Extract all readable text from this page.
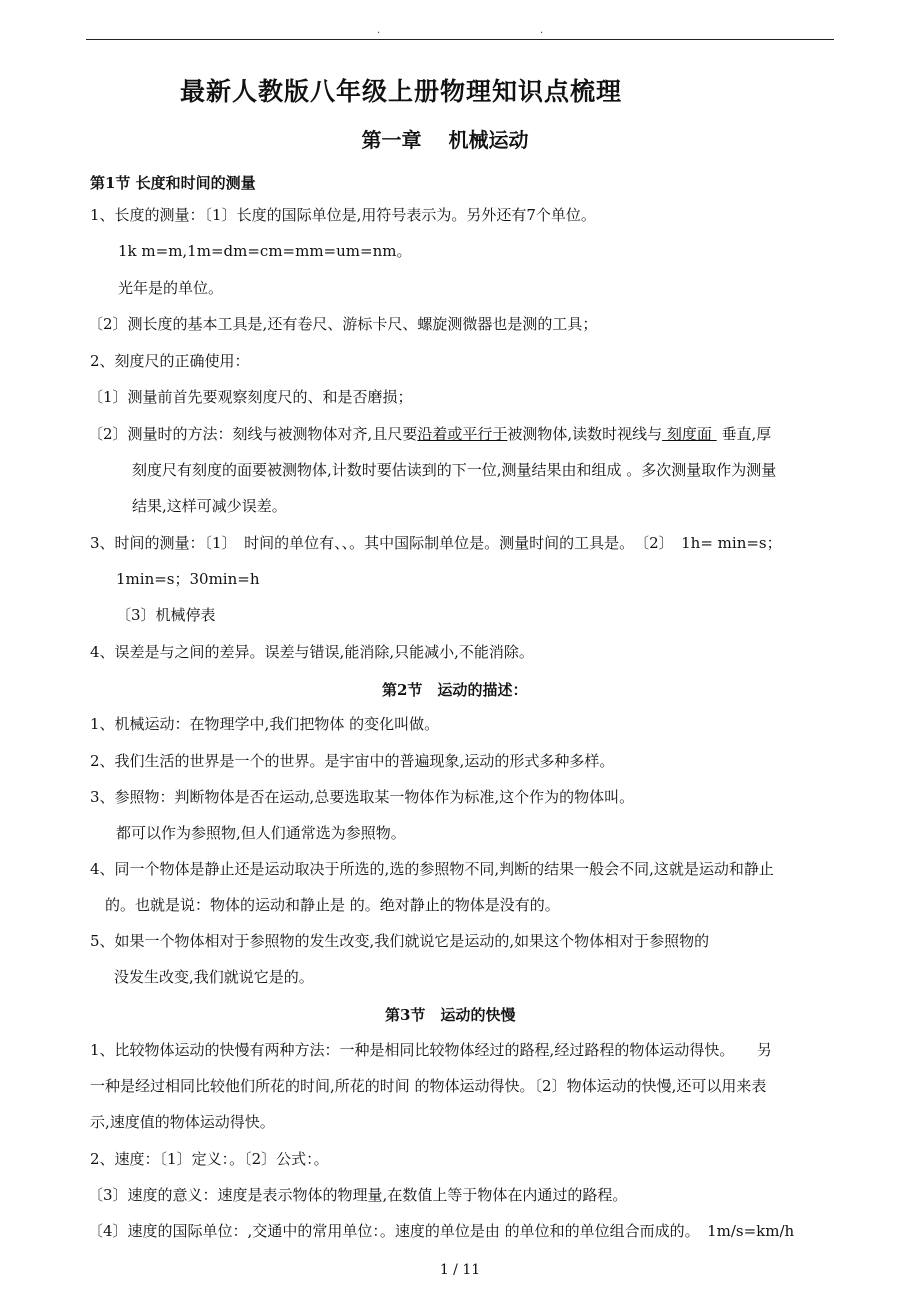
.	.
最新人教版八年级上册物理知识点梳理
第一章　 机械运动
第1节 长度和时间的测量
1、长度的测量：〔1〕长度的国际单位是,用符号表示为。另外还有7个单位。
1k m=m,1m=dm=cm=mm=um=nm。
光年是的单位。
〔2〕测长度的基本工具是,还有卷尺、游标卡尺、螺旋测微器也是测的工具；
2、刻度尺的正确使用：
〔1〕测量前首先要观察刻度尺的、和是否磨损；
〔2〕测量时的方法：刻线与被测物体对齐,且尺要沿着或平行于被测物体,读数时视线与 刻度面  垂直,厚
刻度尺有刻度的面要被测物体,计数时要估读到的下一位,测量结果由和组成 。多次测量取作为测量
结果,这样可减少误差。
3、时间的测量：〔1〕　时间的单位有、、。其中国际制单位是。测量时间的工具是。　〔2〕　1h= min=s；
1min=s；30min=h
〔3〕机械停表
4、误差是与之间的差异。误差与错误,能消除,只能减小,不能消除。
第2节　运动的描述：
1、机械运动：在物理学中,我们把物体 的变化叫做。
2、我们生活的世界是一个的世界。是宇宙中的普遍现象,运动的形式多种多样。
3、参照物：判断物体是否在运动,总要选取某一物体作为标准,这个作为的物体叫。
都可以作为参照物,但人们通常选为参照物。
4、同一个物体是静止还是运动取决于所选的,选的参照物不同,判断的结果一般会不同,这就是运动和静止
的。也就是说：物体的运动和静止是 的。绝对静止的物体是没有的。
5、如果一个物体相对于参照物的发生改变,我们就说它是运动的,如果这个物体相对于参照物的
没发生改变,我们就说它是的。
第3节　运动的快慢
1、比较物体运动的快慢有两种方法：一种是相同比较物体经过的路程,经过路程的物体运动得快。　　另
一种是经过相同比较他们所花的时间,所花的时间 的物体运动得快。〔2〕物体运动的快慢,还可以用来表
示,速度值的物体运动得快。
2、速度：〔1〕定义：。〔2〕公式：。
〔3〕速度的意义：速度是表示物体的物理量,在数值上等于物体在内通过的路程。
〔4〕速度的国际单位：,交通中的常用单位：。速度的单位是由 的单位和的单位组合而成的。　1m/s=km/h
1 / 11
